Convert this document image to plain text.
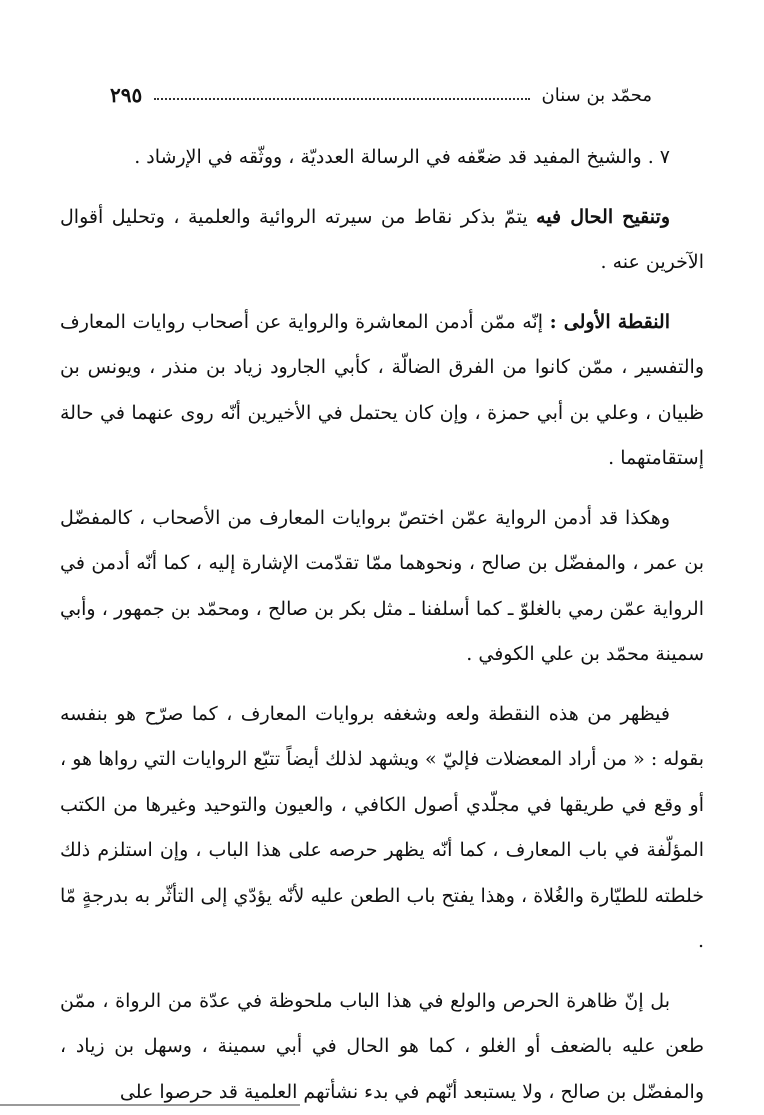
محمّد بن سنان
٢٩٥

٧ . والشيخ المفيد قد ضعّفه في الرسالة العدديّة ، ووثّقه في الإرشاد .

وتنقيح الحال فيه يتمّ بذكر نقاط من سيرته الروائية والعلمية ، وتحليل أقوال الآخرين عنه .

النقطة الأولى : إنّه ممّن أدمن المعاشرة والرواية عن أصحاب روايات المعارف والتفسير ، ممّن كانوا من الفرق الضالّة ، كأبي الجارود زياد بن منذر ، ويونس بن ظبيان ، وعلي بن أبي حمزة ، وإن كان يحتمل في الأخيرين أنّه روى عنهما في حالة إستقامتهما .

وهكذا قد أدمن الرواية عمّن اختصّ بروايات المعارف من الأصحاب ، كالمفضّل بن عمر ، والمفضّل بن صالح ، ونحوهما ممّا تقدّمت الإشارة إليه ، كما أنّه أدمن في الرواية عمّن رمي بالغلوّ ـ كما أسلفنا ـ مثل بكر بن صالح ، ومحمّد بن جمهور ، وأبي سمينة محمّد بن علي الكوفي .

فيظهر من هذه النقطة ولعه وشغفه بروايات المعارف ، كما صرّح هو بنفسه بقوله : « من أراد المعضلات فإليّ » ويشهد لذلك أيضاً تتبّع الروايات التي رواها هو ، أو وقع في طريقها في مجلّدي أصول الكافي ، والعيون والتوحيد وغيرها من الكتب المؤلّفة في باب المعارف ، كما أنّه يظهر حرصه على هذا الباب ، وإن استلزم ذلك خلطته للطيّارة والغُلاة ، وهذا يفتح باب الطعن عليه لأنّه يؤدّي إلى التأثّر به بدرجةٍ مّا .

بل إنّ ظاهرة الحرص والولع في هذا الباب ملحوظة في عدّة من الرواة ، ممّن طعن عليه بالضعف أو الغلو ، كما هو الحال في أبي سمينة ، وسهل بن زياد ، والمفضّل بن صالح ، ولا يستبعد أنّهم في بدء نشأتهم العلمية قد حرصوا على
